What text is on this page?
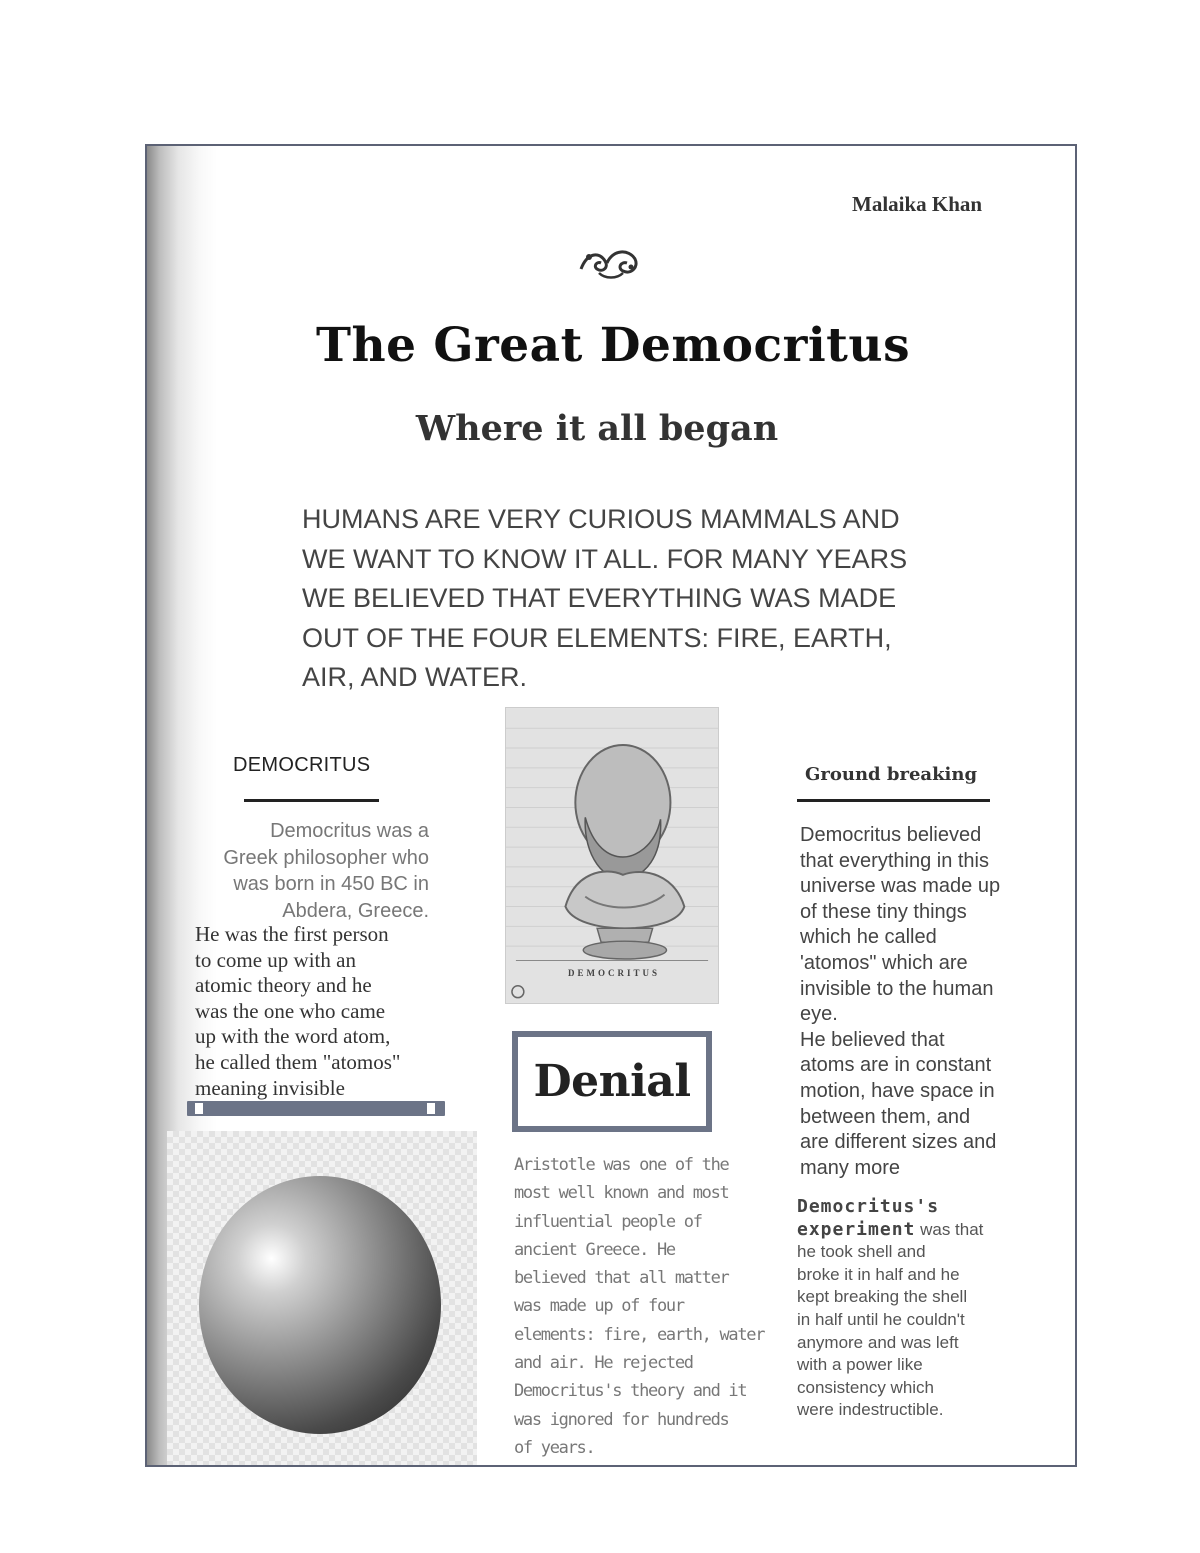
Malaika Khan
The Great Democritus
Where it all began
HUMANS ARE VERY CURIOUS MAMMALS AND
WE WANT TO KNOW IT ALL. FOR MANY YEARS
WE BELIEVED THAT EVERYTHING WAS MADE
OUT OF THE FOUR ELEMENTS: FIRE, EARTH,
AIR, AND WATER.
DEMOCRITUS
Democritus was a
Greek philosopher who
was born in 450 BC in
Abdera, Greece.
He was the first person
to come up with an
atomic theory and he
was the one who came
up with the word atom,
he called them "atomos"
meaning invisible
DEMOCRITUS
Denial
Aristotle was one of the
most well known and most
influential people of
ancient Greece. He
believed that all matter
was made up of four
elements: fire, earth, water
and air. He rejected
Democritus's theory and it
was ignored for hundreds
of years.
Ground breaking
Democritus believed
that everything in this
universe was made up
of these tiny things
which he called
'atomos" which are
invisible to the human
eye.
He believed that
atoms are in constant
motion, have space in
between them, and
are different sizes and
many more
Democritus's
experiment was that
he took shell and
broke it in half and he
kept breaking the shell
in half until he couldn't
anymore and was left
with a power like
consistency which
were indestructible.
